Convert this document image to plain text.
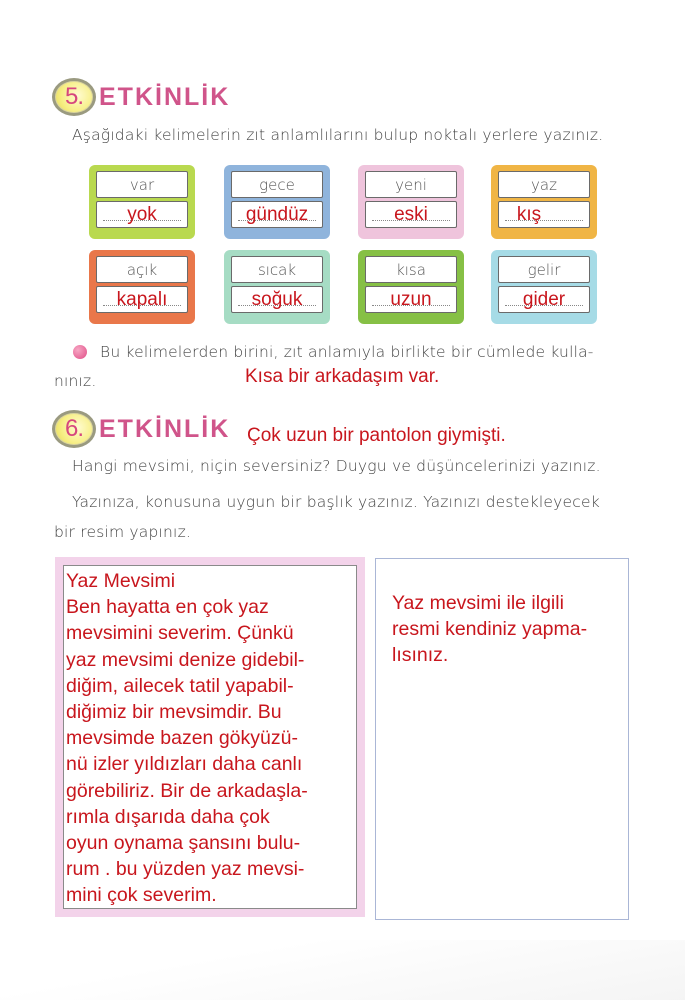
5. ETKİNLİK
Aşağıdaki kelimelerin zıt anlamlılarını bulup noktalı yerlere yazınız.
var
yok
gece
gündüz
yeni
eski
yaz
kış
açık
kapalı
sıcak
soğuk
kısa
uzun
gelir
gider
Bu kelimelerden birini, zıt anlamıyla birlikte bir cümlede kulla-
nınız.	Kısa bir arkadaşım var.
6. ETKİNLİK Çok uzun bir pantolon giymişti.
Hangi mevsimi, niçin seversiniz? Duygu ve düşüncelerinizi yazınız.
Yazınıza, konusuna uygun bir başlık yazınız. Yazınızı destekleyecek
bir resim yapınız.
Yaz Mevsimi
Ben hayatta en çok yaz
mevsimini severim. Çünkü
yaz mevsimi denize gidebil-
diğim, ailecek tatil yapabil-
diğimiz bir mevsimdir. Bu
mevsimde bazen gökyüzü-
nü izler yıldızları daha canlı
görebiliriz. Bir de arkadaşla-
rımla dışarıda daha çok
oyun oynama şansını bulu-
rum . bu yüzden yaz mevsi-
mini çok severim.
Yaz mevsimi ile ilgili
resmi kendiniz yapma-
lısınız.
